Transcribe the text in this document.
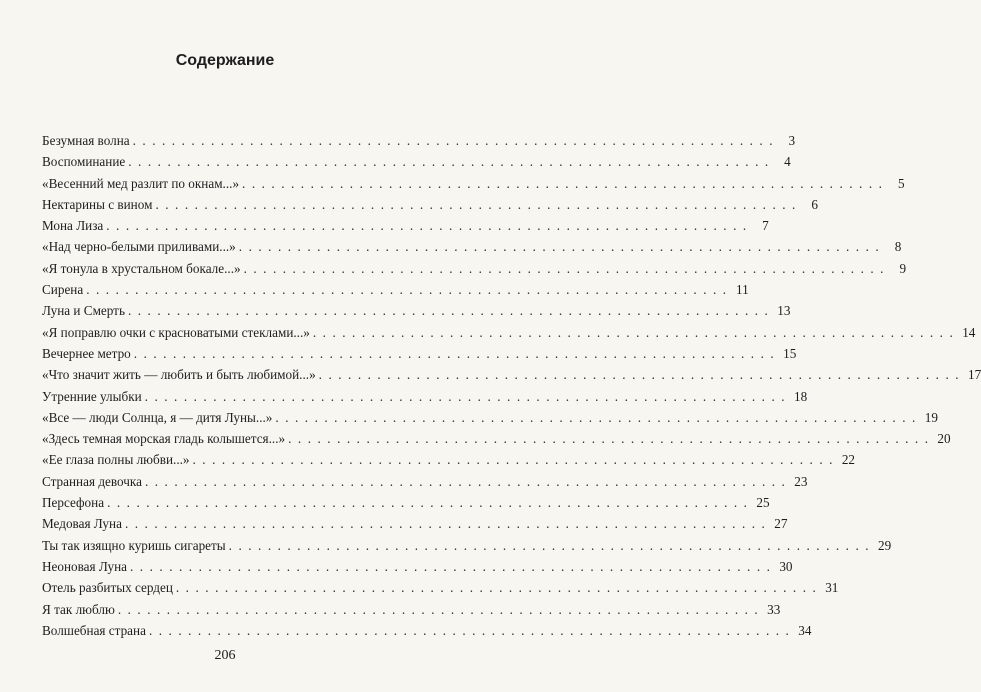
Содержание
Безумная волна . . . . . . . . . . . . . . . . . . . . . . . . . . . . . . . . . . . . . . . . . . . . . . . . . . . . . . . . . . . . . . . . . .	3
Воспоминание . . . . . . . . . . . . . . . . . . . . . . . . . . . . . . . . . . . . . . . . . . . . . . . . . . . . . . . . . . . . . . . . . .	4
«Весенний мед разлит по окнам...» . . . . . . . . . . . . . . . . . . . . . . . . . . . . . . . . . . . . . . . . . . . . . . . . . . . . . . . . . . . . . . . . . .	5
Нектарины с вином . . . . . . . . . . . . . . . . . . . . . . . . . . . . . . . . . . . . . . . . . . . . . . . . . . . . . . . . . . . . . . . . . .	6
Мона Лиза . . . . . . . . . . . . . . . . . . . . . . . . . . . . . . . . . . . . . . . . . . . . . . . . . . . . . . . . . . . . . . . . . .	7
«Над черно-белыми приливами...» . . . . . . . . . . . . . . . . . . . . . . . . . . . . . . . . . . . . . . . . . . . . . . . . . . . . . . . . . . . . . . . . . .	8
«Я тонула в хрустальном бокале...» . . . . . . . . . . . . . . . . . . . . . . . . . . . . . . . . . . . . . . . . . . . . . . . . . . . . . . . . . . . . . . . . . .	9
Сирена . . . . . . . . . . . . . . . . . . . . . . . . . . . . . . . . . . . . . . . . . . . . . . . . . . . . . . . . . . . . . . . . . . 11
Луна и Смерть . . . . . . . . . . . . . . . . . . . . . . . . . . . . . . . . . . . . . . . . . . . . . . . . . . . . . . . . . . . . . . . . . . 13
«Я поправлю очки с красноватыми стеклами...» . . . . . . . . . . . . . . . . . . . . . . . . . . . . . . . . . . . . . . . . . . . . . . . . . . . . . . . . . . . . . . . . . . 14
Вечернее метро . . . . . . . . . . . . . . . . . . . . . . . . . . . . . . . . . . . . . . . . . . . . . . . . . . . . . . . . . . . . . . . . . . 15
«Что значит жить — любить и быть любимой...» . . . . . . . . . . . . . . . . . . . . . . . . . . . . . . . . . . . . . . . . . . . . . . . . . . . . . . . . . . . . . . . . . . 17
Утренние улыбки . . . . . . . . . . . . . . . . . . . . . . . . . . . . . . . . . . . . . . . . . . . . . . . . . . . . . . . . . . . . . . . . . . 18
«Все — люди Солнца, я — дитя Луны...» . . . . . . . . . . . . . . . . . . . . . . . . . . . . . . . . . . . . . . . . . . . . . . . . . . . . . . . . . . . . . . . . . . 19
«Здесь темная морская гладь колышется...» . . . . . . . . . . . . . . . . . . . . . . . . . . . . . . . . . . . . . . . . . . . . . . . . . . . . . . . . . . . . . . . . . . 20
«Ее глаза полны любви...» . . . . . . . . . . . . . . . . . . . . . . . . . . . . . . . . . . . . . . . . . . . . . . . . . . . . . . . . . . . . . . . . . . 22
Странная девочка . . . . . . . . . . . . . . . . . . . . . . . . . . . . . . . . . . . . . . . . . . . . . . . . . . . . . . . . . . . . . . . . . . 23
Персефона . . . . . . . . . . . . . . . . . . . . . . . . . . . . . . . . . . . . . . . . . . . . . . . . . . . . . . . . . . . . . . . . . . 25
Медовая Луна . . . . . . . . . . . . . . . . . . . . . . . . . . . . . . . . . . . . . . . . . . . . . . . . . . . . . . . . . . . . . . . . . . 27
Ты так изящно куришь сигареты . . . . . . . . . . . . . . . . . . . . . . . . . . . . . . . . . . . . . . . . . . . . . . . . . . . . . . . . . . . . . . . . . . 29
Неоновая Луна . . . . . . . . . . . . . . . . . . . . . . . . . . . . . . . . . . . . . . . . . . . . . . . . . . . . . . . . . . . . . . . . . . 30
Отель разбитых сердец . . . . . . . . . . . . . . . . . . . . . . . . . . . . . . . . . . . . . . . . . . . . . . . . . . . . . . . . . . . . . . . . . . 31
Я так люблю . . . . . . . . . . . . . . . . . . . . . . . . . . . . . . . . . . . . . . . . . . . . . . . . . . . . . . . . . . . . . . . . . . 33
Волшебная страна . . . . . . . . . . . . . . . . . . . . . . . . . . . . . . . . . . . . . . . . . . . . . . . . . . . . . . . . . . . . . . . . . . 34
206
